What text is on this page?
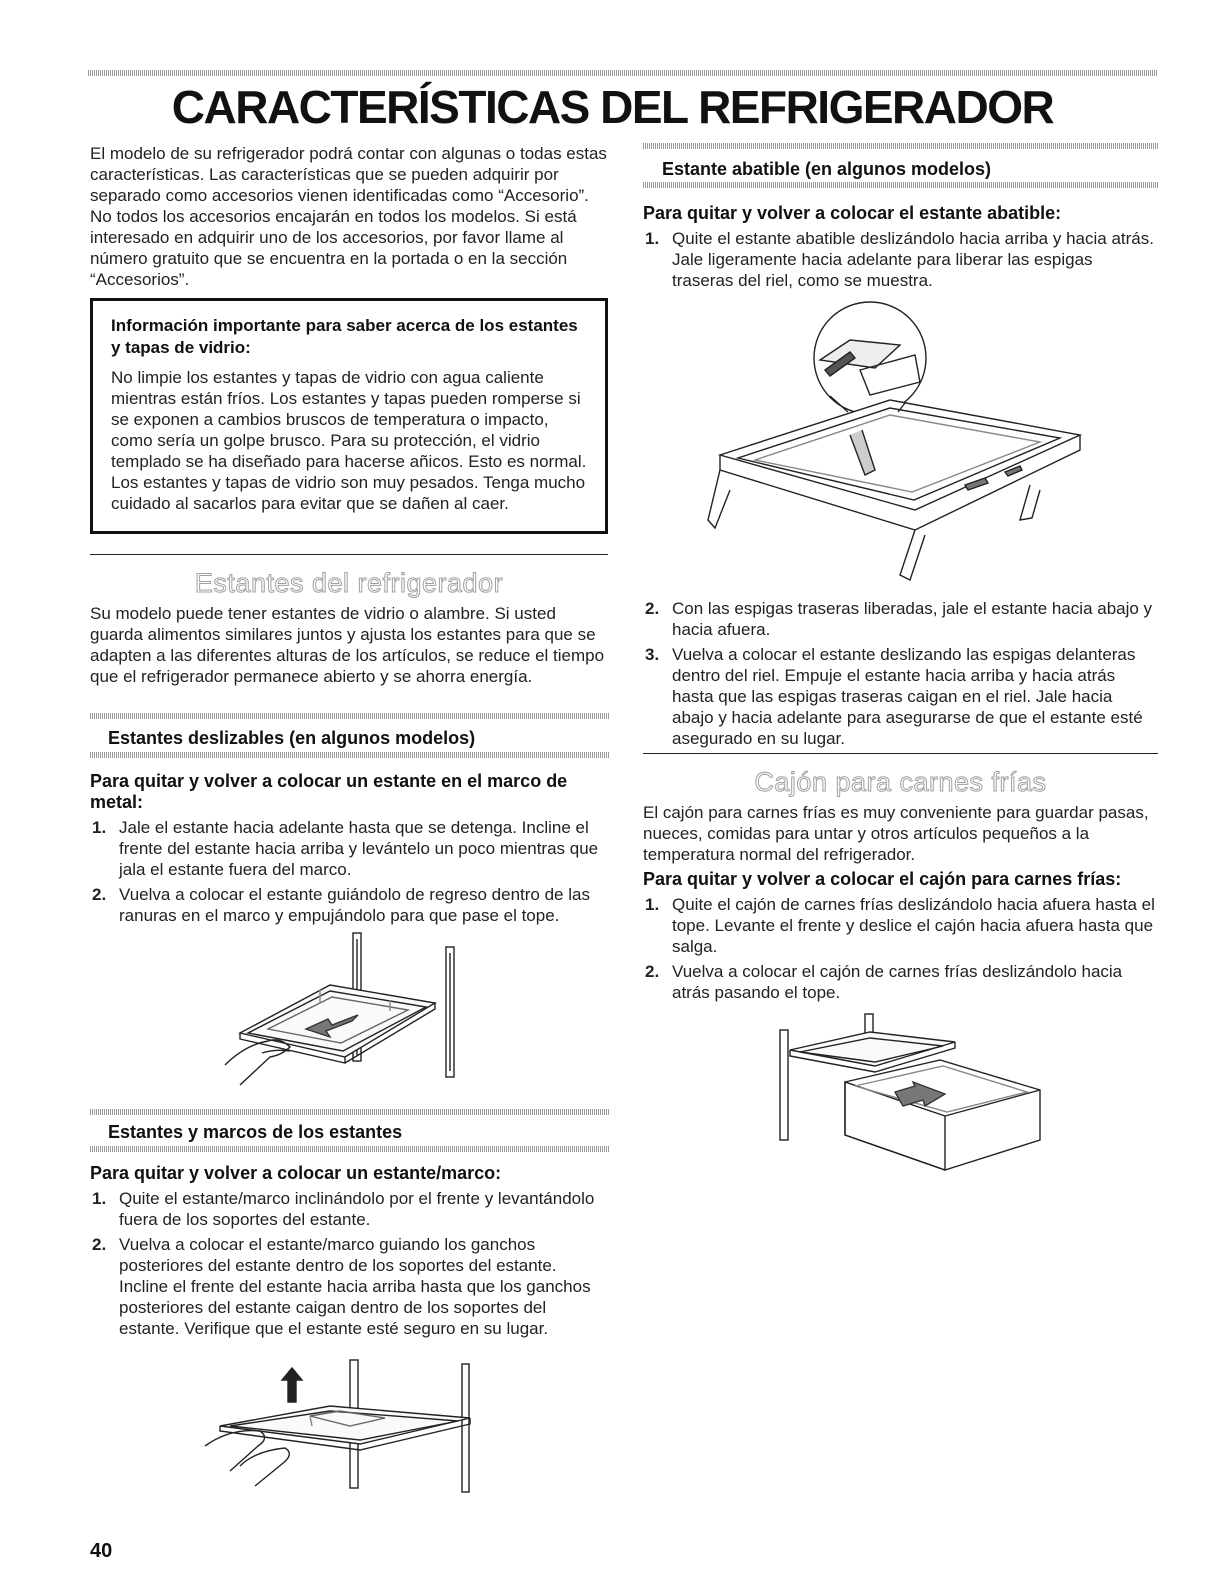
CARACTERÍSTICAS DEL REFRIGERADOR

El modelo de su refrigerador podrá contar con algunas o todas estas características. Las características que se pueden adquirir por separado como accesorios vienen identificadas como “Accesorio”. No todos los accesorios encajarán en todos los modelos. Si está interesado en adquirir uno de los accesorios, por favor llame al número gratuito que se encuentra en la portada o en la sección “Accesorios”.

Información importante para saber acerca de los estantes y tapas de vidrio:
No limpie los estantes y tapas de vidrio con agua caliente mientras están fríos. Los estantes y tapas pueden romperse si se exponen a cambios bruscos de temperatura o impacto, como sería un golpe brusco. Para su protección, el vidrio templado se ha diseñado para hacerse añicos. Esto es normal. Los estantes y tapas de vidrio son muy pesados. Tenga mucho cuidado al sacarlos para evitar que se dañen al caer.
Estantes del refrigerador

Su modelo puede tener estantes de vidrio o alambre. Si usted guarda alimentos similares juntos y ajusta los estantes para que se adapten a las diferentes alturas de los artículos, se reduce el tiempo que el refrigerador permanece abierto y se ahorra energía.

Estantes deslizables (en algunos modelos)

Para quitar y volver a colocar un estante en el marco de metal:

1. Jale el estante hacia adelante hasta que se detenga. Incline el frente del estante hacia arriba y levántelo un poco mientras que jala el estante fuera del marco.
2. Vuelva a colocar el estante guiándolo de regreso dentro de las ranuras en el marco y empujándolo para que pase el tope.
Estantes y marcos de los estantes

Para quitar y volver a colocar un estante/marco:

1. Quite el estante/marco inclinándolo por el frente y levantándolo fuera de los soportes del estante.
2. Vuelva a colocar el estante/marco guiando los ganchos posteriores del estante dentro de los soportes del estante. Incline el frente del estante hacia arriba hasta que los ganchos posteriores del estante caigan dentro de los soportes del estante. Verifique que el estante esté seguro en su lugar.
40
Estante abatible (en algunos modelos)

Para quitar y volver a colocar el estante abatible:

1. Quite el estante abatible deslizándolo hacia arriba y hacia atrás. Jale ligeramente hacia adelante para liberar las espigas traseras del riel, como se muestra.
2. Con las espigas traseras liberadas, jale el estante hacia abajo y hacia afuera.
3. Vuelva a colocar el estante deslizando las espigas delanteras dentro del riel. Empuje el estante hacia arriba y hacia atrás hasta que las espigas traseras caigan en el riel. Jale hacia abajo y hacia adelante para asegurarse de que el estante esté asegurado en su lugar.
Cajón para carnes frías

El cajón para carnes frías es muy conveniente para guardar pasas, nueces, comidas para untar y otros artículos pequeños a la temperatura normal del refrigerador.

Para quitar y volver a colocar el cajón para carnes frías:

1. Quite el cajón de carnes frías deslizándolo hacia afuera hasta el tope. Levante el frente y deslice el cajón hacia afuera hasta que salga.
2. Vuelva a colocar el cajón de carnes frías deslizándolo hacia atrás pasando el tope.
